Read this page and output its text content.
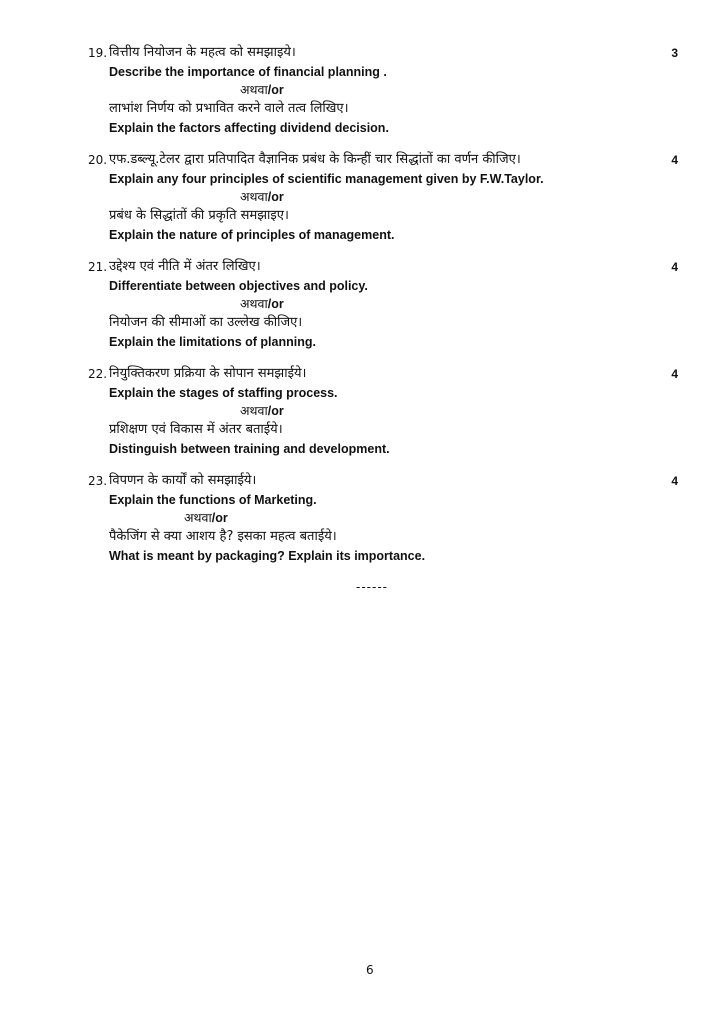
19. वित्तीय नियोजन के महत्व को समझाइये।	3
Describe the importance of financial planning .
अथवा/or
लाभांश निर्णय को प्रभावित करने वाले तत्व लिखिए।
Explain the factors affecting dividend decision.
20. एफ.डब्ल्यू.टेलर द्वारा प्रतिपादित वैज्ञानिक प्रबंध के किन्हीं चार सिद्धांतों का वर्णन कीजिए।	4
Explain any four principles of scientific management given by F.W.Taylor.
अथवा/or
प्रबंध के सिद्धांतों की प्रकृति समझाइए।
Explain the nature of principles of management.
21. उद्देश्य एवं नीति में अंतर लिखिए।	4
Differentiate between objectives and policy.
अथवा/or
नियोजन की सीमाओं का उल्लेख कीजिए।
Explain the limitations of planning.
22. नियुक्तिकरण प्रक्रिया के सोपान समझाईये।	4
Explain the stages of staffing process.
अथवा/or
प्रशिक्षण एवं विकास में अंतर बताईये।
Distinguish between training and development.
23. विपणन के कार्यों को समझाईये।	4
Explain the functions of Marketing.
अथवा/or
पैकेजिंग से क्या आशय है? इसका महत्व बताईये।
What is meant by packaging? Explain its importance.
------
6
